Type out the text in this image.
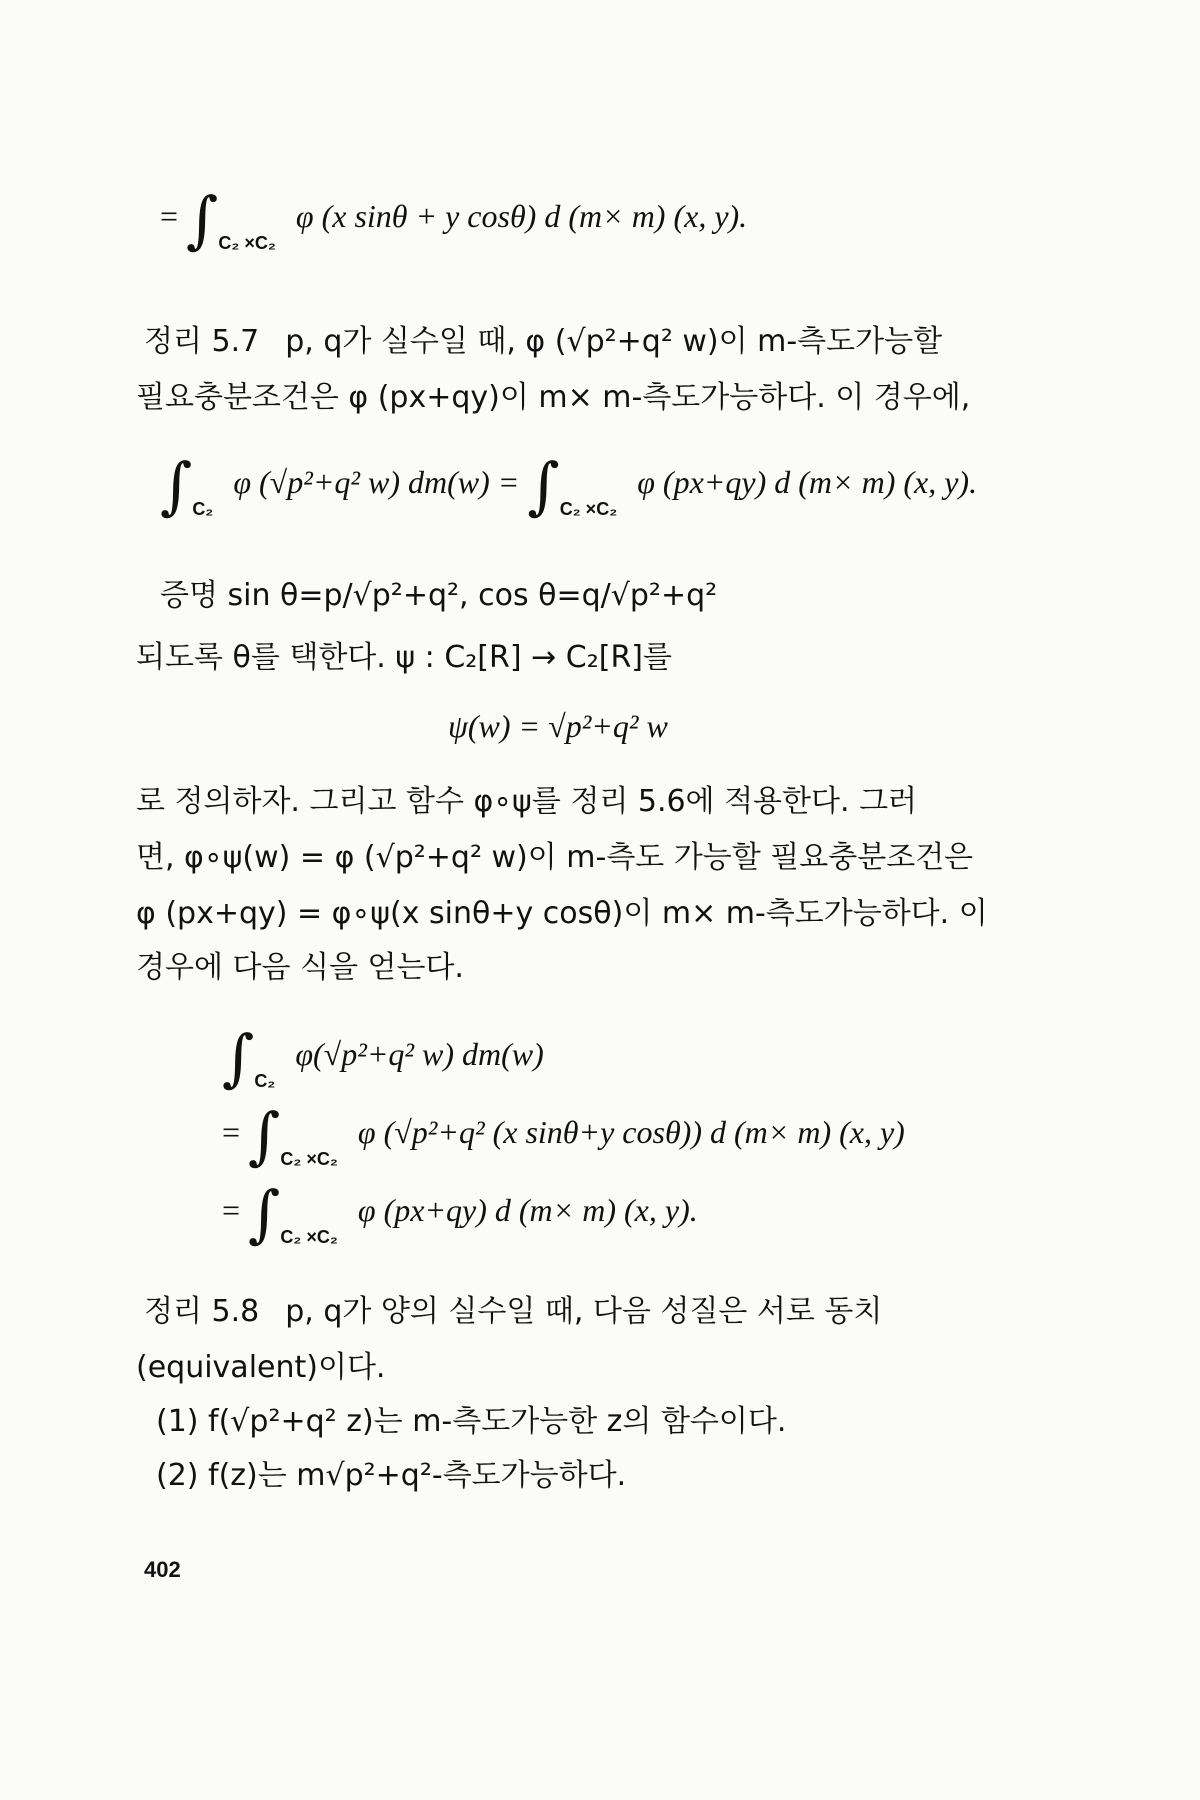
= $\int_{C_2 \times C_2}$ φ (x sinθ + y cosθ) d (m× m) (x, y).
정리 5.7 p, q가 실수일 때, φ (√p²+q² w)이 m-측도가능할
필요충분조건은 φ (px+qy)이 m× m-측도가능하다. 이 경우에,
$\int_{C_2}$ φ (√p²+q² w) $dm(w) = \int_{C_2 \times C_2}$ φ (px+qy) d (m× m) (x, y).
증명 sin θ=p/√p²+q², cos θ=q/√p²+q²
되도록 θ를 택한다. ψ : C₂[R] → C₂[R]를
ψ(w) = √p²+q² w
로 정의하자. 그리고 함수 φ∘ψ를 정리 5.6에 적용한다. 그러
면, φ∘ψ(w) = φ (√p²+q² w)이 m-측도 가능할 필요충분조건은
φ (px+qy) = φ∘ψ(x sinθ+y cosθ)이 m× m-측도가능하다. 이
경우에 다음 식을 얻는다.
$\int_{C_2}$ φ(√p²+q² w) dm(w)
= $\int_{C_2 \times C_2}$ φ (√p²+q² (x sinθ+y cosθ)) d (m× m) (x, y)
= $\int_{C_2 \times C_2}$ φ (px+qy) d (m× m) (x, y).
정리 5.8 p, q가 양의 실수일 때, 다음 성질은 서로 동치
(equivalent)이다.
(1) f(√p²+q² z)는 m-측도가능한 z의 함수이다.
(2) f(z)는 m√p²+q²-측도가능하다.
402
